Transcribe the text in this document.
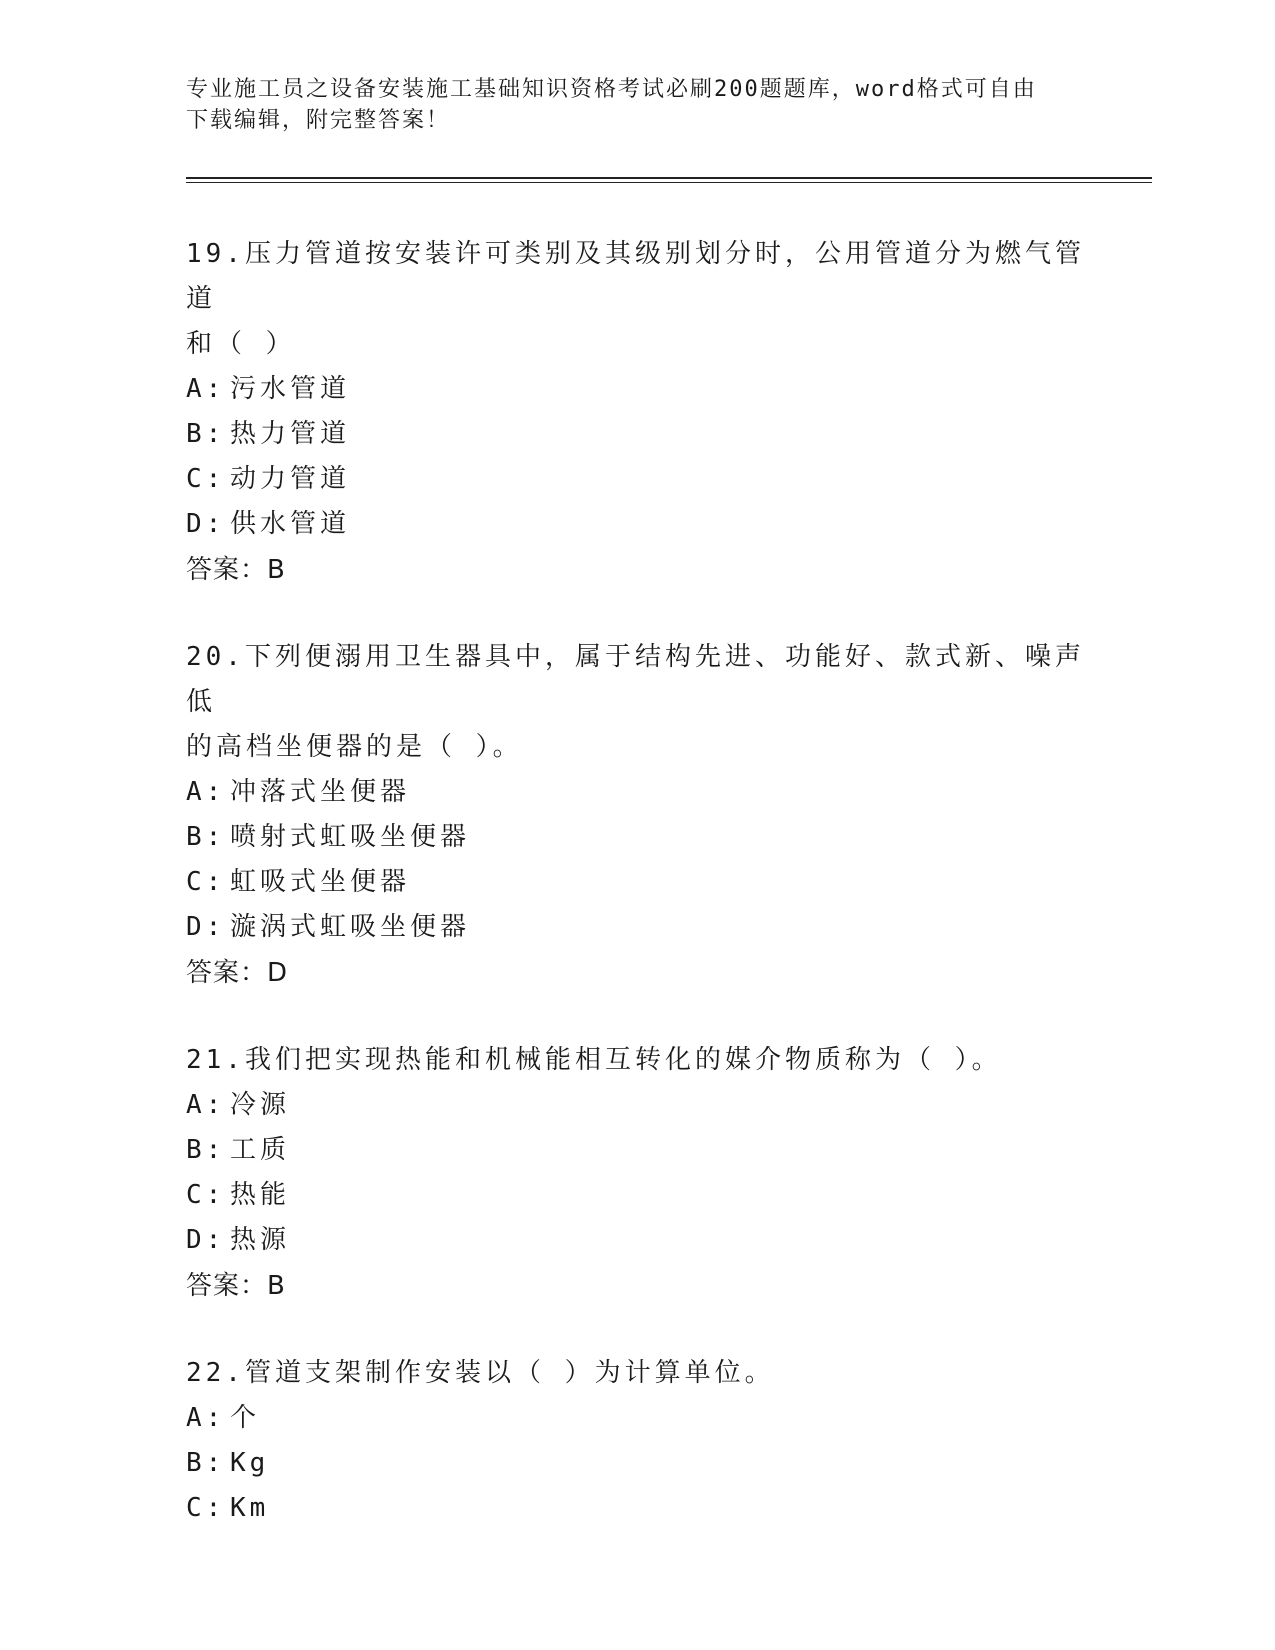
专业施工员之设备安装施工基础知识资格考试必刷200题题库，word格式可自由
下载编辑，附完整答案！
19.压力管道按安装许可类别及其级别划分时，公用管道分为燃气管道
和（ ）
A: 污水管道
B: 热力管道
C: 动力管道
D: 供水管道
答案：B
20.下列便溺用卫生器具中，属于结构先进、功能好、款式新、噪声低
的高档坐便器的是（ ）。
A: 冲落式坐便器
B: 喷射式虹吸坐便器
C: 虹吸式坐便器
D: 漩涡式虹吸坐便器
答案：D
21.我们把实现热能和机械能相互转化的媒介物质称为（ ）。
A: 冷源
B: 工质
C: 热能
D: 热源
答案：B
22.管道支架制作安装以（ ）为计算单位。
A: 个
B: Kg
C: Km
